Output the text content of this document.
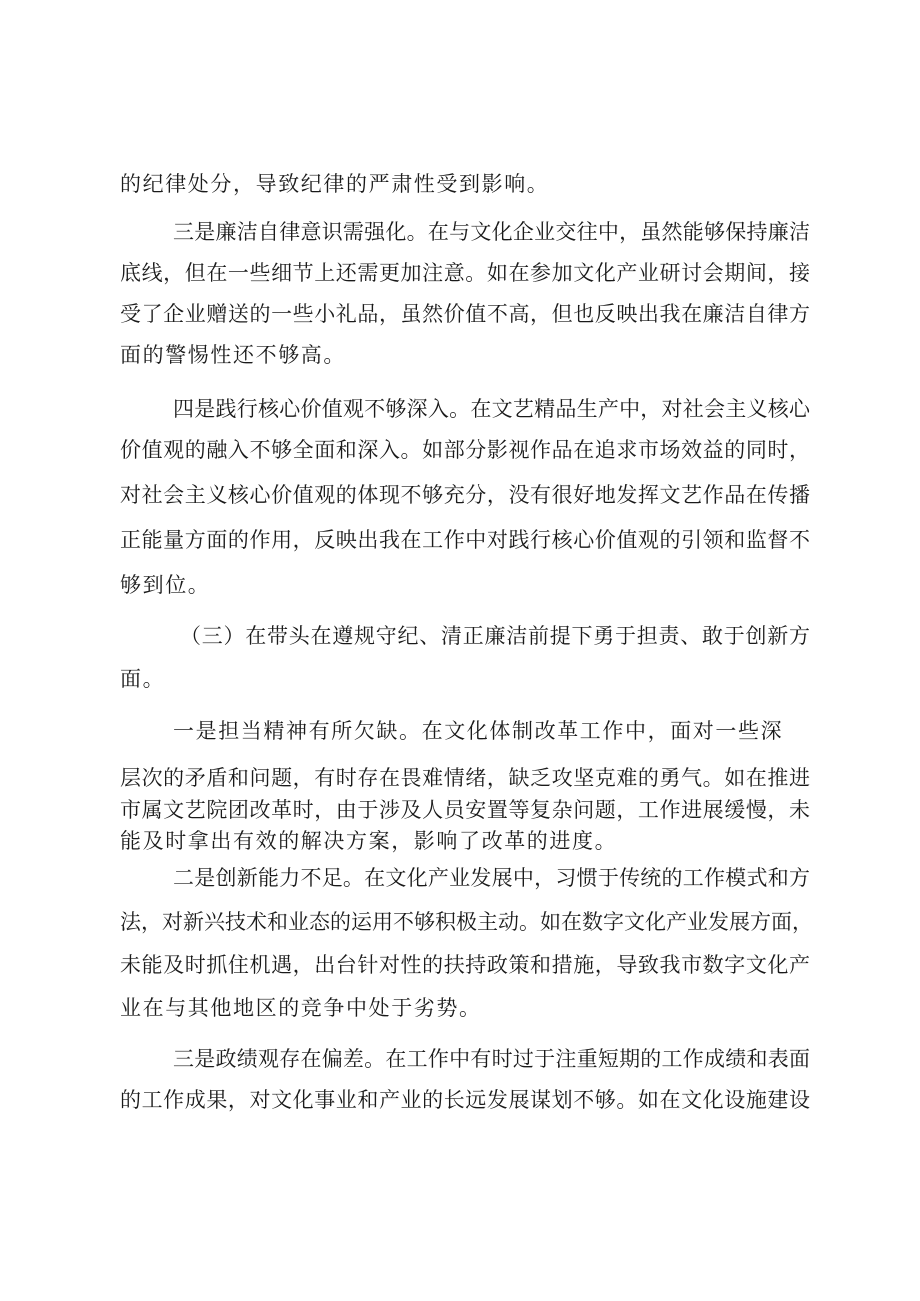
的纪律处分，导致纪律的严肃性受到影响。
三是廉洁自律意识需强化。在与文化企业交往中，虽然能够保持廉洁
底线，但在一些细节上还需更加注意。如在参加文化产业研讨会期间，接
受了企业赠送的一些小礼品，虽然价值不高，但也反映出我在廉洁自律方
面的警惕性还不够高。
四是践行核心价值观不够深入。在文艺精品生产中，对社会主义核心
价值观的融入不够全面和深入。如部分影视作品在追求市场效益的同时，
对社会主义核心价值观的体现不够充分，没有很好地发挥文艺作品在传播
正能量方面的作用，反映出我在工作中对践行核心价值观的引领和监督不
够到位。
（三）在带头在遵规守纪、清正廉洁前提下勇于担责、敢于创新方
面。
一是担当精神有所欠缺。在文化体制改革工作中，面对一些深
层次的矛盾和问题，有时存在畏难情绪，缺乏攻坚克难的勇气。如在推进
市属文艺院团改革时，由于涉及人员安置等复杂问题，工作进展缓慢，未
能及时拿出有效的解决方案，影响了改革的进度。
二是创新能力不足。在文化产业发展中，习惯于传统的工作模式和方
法，对新兴技术和业态的运用不够积极主动。如在数字文化产业发展方面，
未能及时抓住机遇，出台针对性的扶持政策和措施，导致我市数字文化产
业在与其他地区的竞争中处于劣势。
三是政绩观存在偏差。在工作中有时过于注重短期的工作成绩和表面
的工作成果，对文化事业和产业的长远发展谋划不够。如在文化设施建设
